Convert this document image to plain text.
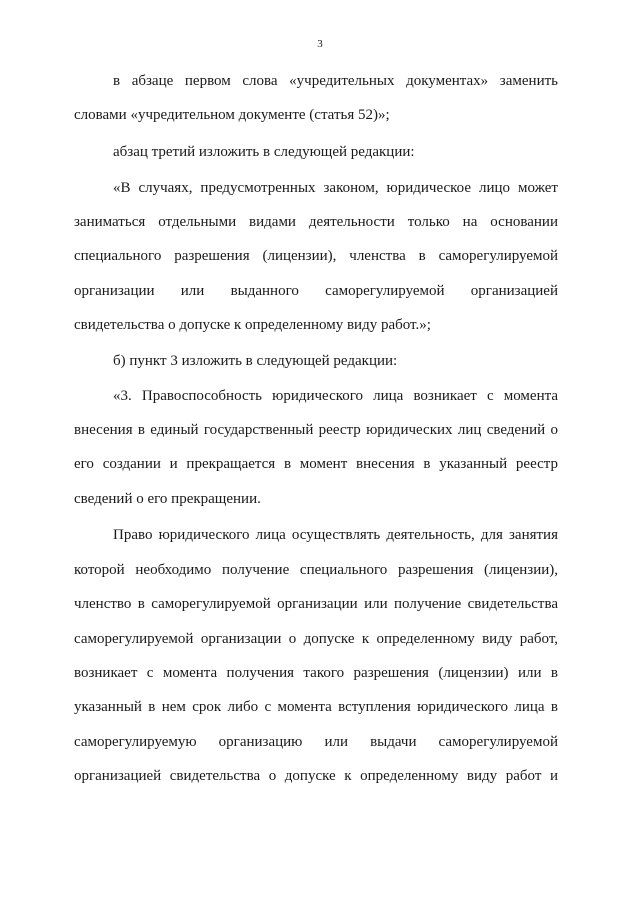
3
в абзаце первом слова «учредительных документах» заменить
словами «учредительном документе (статья 52)»;
абзац третий изложить в следующей редакции:
«В случаях, предусмотренных законом, юридическое лицо может
заниматься отдельными видами деятельности только на основании
специального разрешения (лицензии), членства в саморегулируемой
организации или выданного саморегулируемой организацией
свидетельства о допуске к определенному виду работ.»;
б) пункт 3 изложить в следующей редакции:
«3. Правоспособность юридического лица возникает с момента
внесения в единый государственный реестр юридических лиц сведений о
его создании и прекращается в момент внесения в указанный реестр
сведений о его прекращении.
Право юридического лица осуществлять деятельность, для занятия
которой необходимо получение специального разрешения (лицензии),
членство в саморегулируемой организации или получение свидетельства
саморегулируемой организации о допуске к определенному виду работ,
возникает с момента получения такого разрешения (лицензии) или в
указанный в нем срок либо с момента вступления юридического лица в
саморегулируемую организацию или выдачи саморегулируемой
организацией свидетельства о допуске к определенному виду работ и
